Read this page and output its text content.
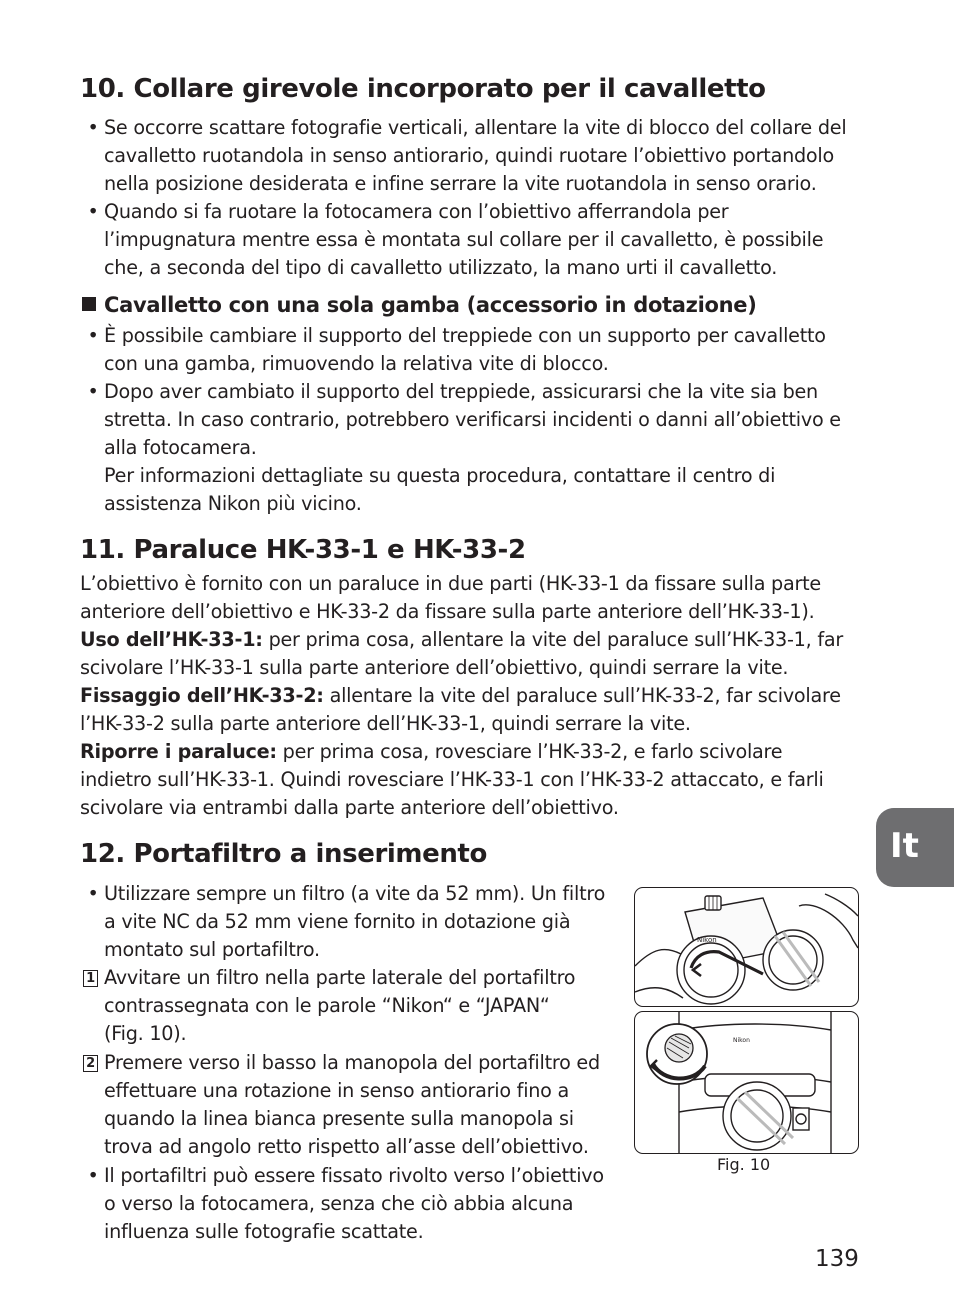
10. Collare girevole incorporato per il cavalletto
• Se occorre scattare fotografie verticali, allentare la vite di blocco del collare del
cavalletto ruotandola in senso antiorario, quindi ruotare l’obiettivo portandolo
nella posizione desiderata e infine serrare la vite ruotandola in senso orario.
• Quando si fa ruotare la fotocamera con l’obiettivo afferrandola per
l’impugnatura mentre essa è montata sul collare per il cavalletto, è possibile
che, a seconda del tipo di cavalletto utilizzato, la mano urti il cavalletto.
Cavalletto con una sola gamba (accessorio in dotazione)
• È possibile cambiare il supporto del treppiede con un supporto per cavalletto
con una gamba, rimuovendo la relativa vite di blocco.
• Dopo aver cambiato il supporto del treppiede, assicurarsi che la vite sia ben
stretta. In caso contrario, potrebbero verificarsi incidenti o danni all’obiettivo e
alla fotocamera.
Per informazioni dettagliate su questa procedura, contattare il centro di
assistenza Nikon più vicino.
11. Paraluce HK-33-1 e HK-33-2
L’obiettivo è fornito con un paraluce in due parti (HK-33-1 da fissare sulla parte
anteriore dell’obiettivo e HK-33-2 da fissare sulla parte anteriore dell’HK-33-1).
Uso dell’HK-33-1: per prima cosa, allentare la vite del paraluce sull’HK-33-1, far
scivolare l’HK-33-1 sulla parte anteriore dell’obiettivo, quindi serrare la vite.
Fissaggio dell’HK-33-2: allentare la vite del paraluce sull’HK-33-2, far scivolare
l’HK-33-2 sulla parte anteriore dell’HK-33-1, quindi serrare la vite.
Riporre i paraluce: per prima cosa, rovesciare l’HK-33-2, e farlo scivolare
indietro sull’HK-33-1. Quindi rovesciare l’HK-33-1 con l’HK-33-2 attaccato, e farli
scivolare via entrambi dalla parte anteriore dell’obiettivo.
12. Portafiltro a inserimento
• Utilizzare sempre un filtro (a vite da 52 mm). Un filtro
a vite NC da 52 mm viene fornito in dotazione già
montato sul portafiltro.
1 Avvitare un filtro nella parte laterale del portafiltro
contrassegnata con le parole “Nikon“ e “JAPAN“
(Fig. 10).
2 Premere verso il basso la manopola del portafiltro ed
effettuare una rotazione in senso antiorario fino a
quando la linea bianca presente sulla manopola si
trova ad angolo retto rispetto all’asse dell’obiettivo.
• Il portafiltri può essere fissato rivolto verso l’obiettivo
o verso la fotocamera, senza che ciò abbia alcuna
influenza sulle fotografie scattate.
Nikon
Nikon
Fig. 10
It
139
